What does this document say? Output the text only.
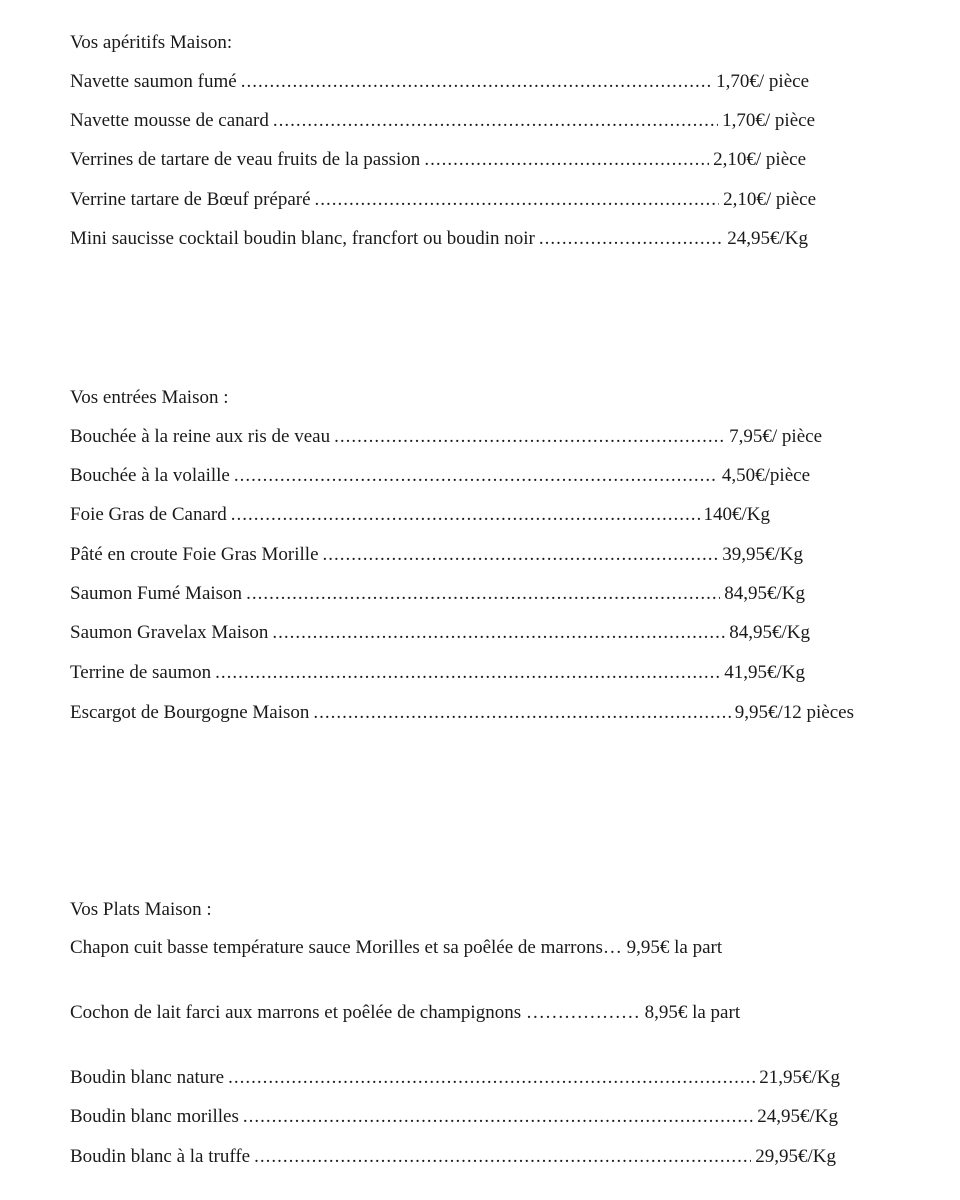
Vos apéritifs Maison:
Navette saumon fumé .....	1,70€/ pièce
Navette mousse de canard .....	1,70€/ pièce
Verrines de tartare de veau fruits de la passion .....	2,10€/ pièce
Verrine tartare de Bœuf préparé .....	2,10€/ pièce
Mini saucisse cocktail boudin blanc, francfort ou boudin noir .....	24,95€/Kg
Vos entrées Maison :
Bouchée à la reine aux ris de veau .....	7,95€/ pièce
Bouchée à la volaille .....	4,50€/pièce
Foie Gras de Canard .....	140€/Kg
Pâté en croute Foie Gras Morille .....	39,95€/Kg
Saumon Fumé Maison .....	84,95€/Kg
Saumon Gravelax Maison .....	84,95€/Kg
Terrine de saumon .....	41,95€/Kg
Escargot de Bourgogne Maison .....	9,95€/12 pièces
Vos Plats Maison :
Chapon cuit basse température sauce Morilles et sa poêlée de marrons… 9,95€ la part
Cochon de lait farci aux marrons et poêlée de champignons ……………… 8,95€ la part
Boudin blanc nature .....	21,95€/Kg
Boudin blanc morilles .....	24,95€/Kg
Boudin blanc à la truffe .....	29,95€/Kg
